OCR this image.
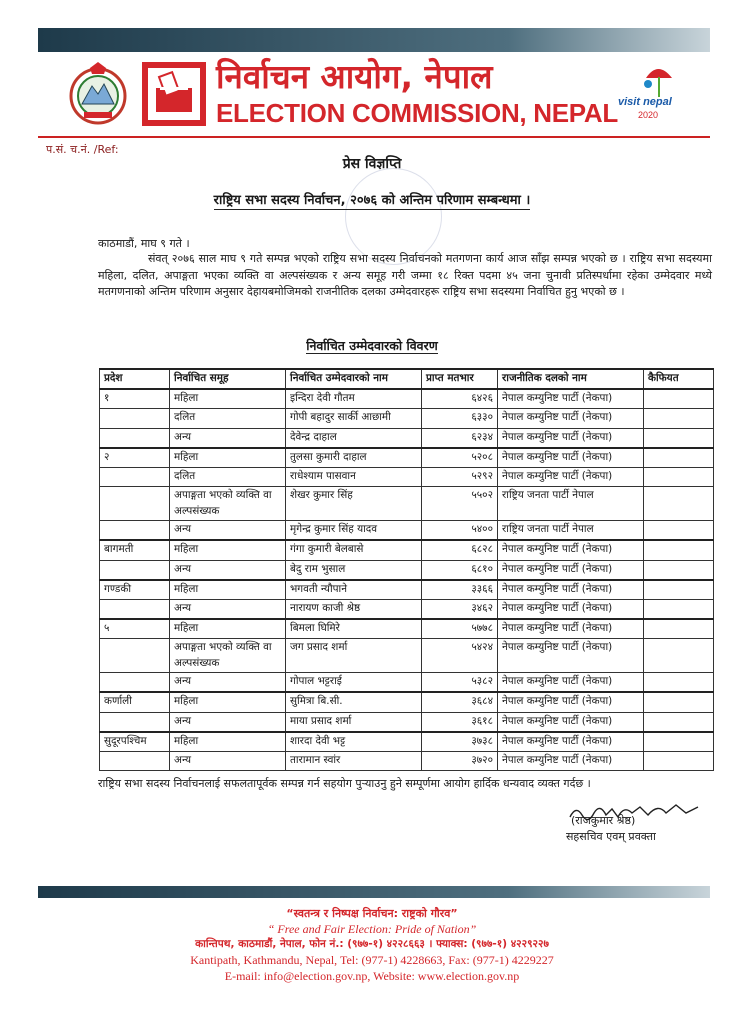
निर्वाचन आयोग, नेपाल
ELECTION COMMISSION, NEPAL visit nepal
2020
प.सं. च.नं. /Ref:
प्रेस विज्ञप्ति
राष्ट्रिय सभा सदस्य निर्वाचन, २०७६ को अन्तिम परिणाम सम्बन्धमा ।
काठमाडौं, माघ ९ गते ।

संवत् २०७६ साल माघ ९ गते सम्पन्न भएको राष्ट्रिय सभा सदस्य निर्वाचनको मतगणना कार्य आज साँझ सम्पन्न भएको छ । राष्ट्रिय सभा सदस्यमा महिला, दलित, अपाङ्गता भएका व्यक्ति वा अल्पसंख्यक र अन्य समूह गरी जम्मा १८ रिक्त पदमा ४५ जना चुनावी प्रतिस्पर्धामा रहेका उम्मेदवार मध्ये मतगणनाको अन्तिम परिणाम अनुसार देहायबमोजिमको राजनीतिक दलका उम्मेदवारहरू राष्ट्रिय सभा सदस्यमा निर्वाचित हुनु भएको छ ।

निर्वाचित उम्मेदवारको विवरण
प्रदेश	निर्वाचित समूह	निर्वाचित उम्मेदवारको नाम	प्राप्त मतभार	राजनीतिक दलको नाम	कैफियत
१	महिला	इन्दिरा देवी गौतम	६४२६	नेपाल कम्युनिष्ट पार्टी (नेकपा)	
	दलित	गोपी बहादुर सार्की आछामी	६३३०	नेपाल कम्युनिष्ट पार्टी (नेकपा)	
	अन्य	देवेन्द्र दाहाल	६२३४	नेपाल कम्युनिष्ट पार्टी (नेकपा)	
२	महिला	तुलसा कुमारी दाहाल	५२०८	नेपाल कम्युनिष्ट पार्टी (नेकपा)	
	दलित	राधेश्याम पासवान	५२९२	नेपाल कम्युनिष्ट पार्टी (नेकपा)	
	अपाङ्गता भएको व्यक्ति वा अल्पसंख्यक	शेखर कुमार सिंह	५५०२	राष्ट्रिय जनता पार्टी नेपाल	
	अन्य	मृगेन्द्र कुमार सिंह यादव	५४००	राष्ट्रिय जनता पार्टी नेपाल	
बागमती	महिला	गंगा कुमारी बेलबासे	६८२८	नेपाल कम्युनिष्ट पार्टी (नेकपा)	
	अन्य	बेदु राम भुसाल	६८१०	नेपाल कम्युनिष्ट पार्टी (नेकपा)	
गण्डकी	महिला	भगवती न्यौपाने	३३६६	नेपाल कम्युनिष्ट पार्टी (नेकपा)	
	अन्य	नारायण काजी श्रेष्ठ	३४६२	नेपाल कम्युनिष्ट पार्टी (नेकपा)	
५	महिला	बिमला घिमिरे	५७७८	नेपाल कम्युनिष्ट पार्टी (नेकपा)	
	अपाङ्गता भएको व्यक्ति वा अल्पसंख्यक	जग प्रसाद शर्मा	५४२४	नेपाल कम्युनिष्ट पार्टी (नेकपा)	
	अन्य	गोपाल भट्टराई	५३८२	नेपाल कम्युनिष्ट पार्टी (नेकपा)	
कर्णाली	महिला	सुमित्रा बि.सी.	३६८४	नेपाल कम्युनिष्ट पार्टी (नेकपा)	
	अन्य	माया प्रसाद शर्मा	३६१८	नेपाल कम्युनिष्ट पार्टी (नेकपा)	
सुदूरपश्चिम	महिला	शारदा देवी भट्ट	३७३८	नेपाल कम्युनिष्ट पार्टी (नेकपा)	
	अन्य	तारामान स्वांर	३७२०	नेपाल कम्युनिष्ट पार्टी (नेकपा)	
राष्ट्रिय सभा सदस्य निर्वाचनलाई सफलतापूर्वक सम्पन्न गर्न सहयोग पुर्‍याउनु हुने सम्पूर्णमा आयोग हार्दिक धन्यवाद व्यक्त गर्दछ ।
(राजकुमार श्रेष्ठ)
सहसचिव एवम् प्रवक्ता
“स्वतन्त्र र निष्पक्ष निर्वाचन: राष्ट्रको गौरव”
“ Free and Fair Election: Pride of Nation”
कान्तिपथ, काठमाडौं, नेपाल, फोन नं.: (९७७-१) ४२२८६६३ । फ्याक्स: (९७७-१) ४२२९२२७
Kantipath, Kathmandu, Nepal, Tel: (977-1) 4228663, Fax: (977-1) 4229227
E-mail: info@election.gov.np, Website: www.election.gov.np
